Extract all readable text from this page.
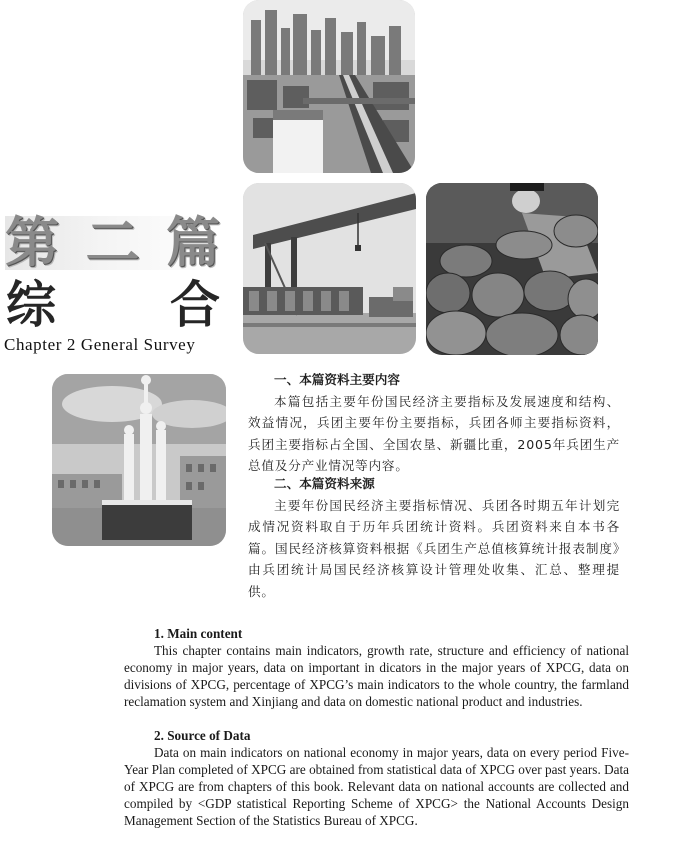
第 二 篇
综 合
Chapter 2 General Survey
一、本篇资料主要内容
本篇包括主要年份国民经济主要指标及发展速度和结构、效益情况，兵团主要年份主要指标，兵团各师主要指标资料，兵团主要指标占全国、全国农垦、新疆比重，2005年兵团生产总值及分产业情况等内容。
二、本篇资料来源
主要年份国民经济主要指标情况、兵团各时期五年计划完成情况资料取自于历年兵团统计资料。兵团资料来自本书各篇。国民经济核算资料根据《兵团生产总值核算统计报表制度》由兵团统计局国民经济核算设计管理处收集、汇总、整理提供。
1. Main content
This chapter contains main indicators, growth rate, structure and efficiency of national economy in major years, data on important in dicators in the major years of XPCG, data on divisions of XPCG, percentage of XPCG’s main indicators to the whole country, the farmland reclamation system and Xinjiang and data on domestic national product and industries.
2. Source of Data
Data on main indicators on national economy in major years, data on every period Five-Year Plan completed of XPCG are obtained from statistical data of XPCG over past years. Data of XPCG are from chapters of this book. Relevant data on national accounts are collected and compiled by <GDP statistical Reporting Scheme of XPCG> the National Accounts Design Management Section of the Statistics Bureau of XPCG.
